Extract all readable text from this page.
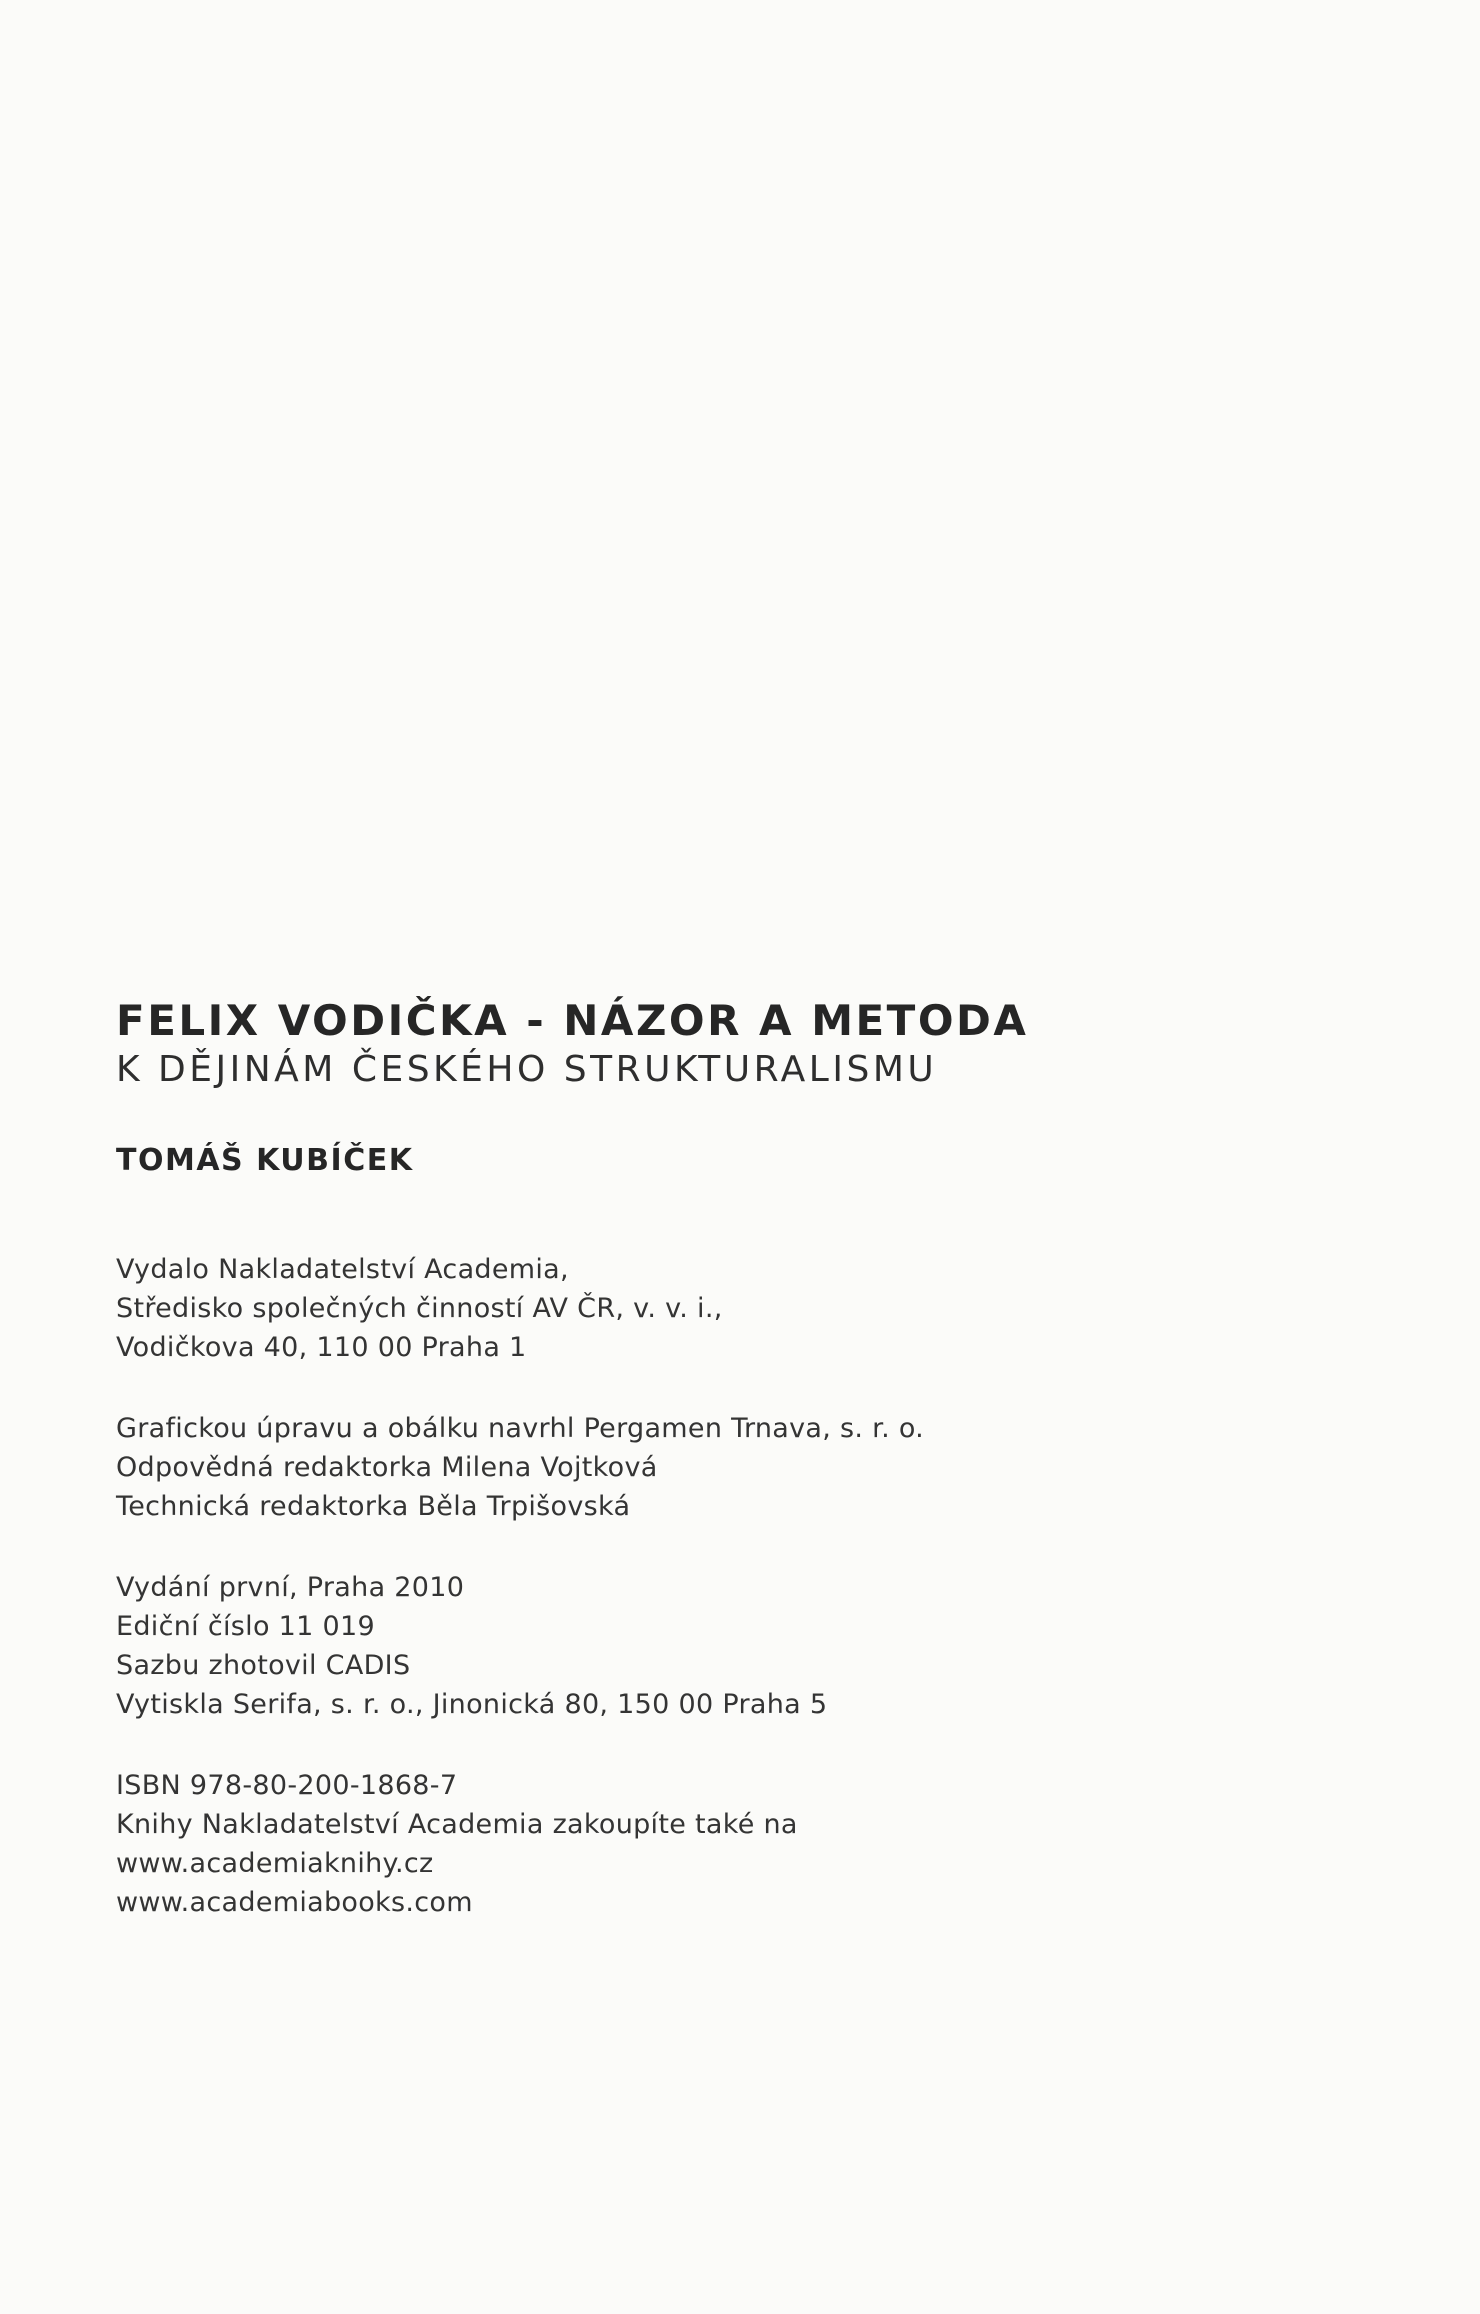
FELIX VODIČKA - NÁZOR A METODA
K DĚJINÁM ČESKÉHO STRUKTURALISMU
TOMÁŠ KUBÍČEK
Vydalo Nakladatelství Academia,
Středisko společných činností AV ČR, v. v. i.,
Vodičkova 40, 110 00 Praha 1
Grafickou úpravu a obálku navrhl Pergamen Trnava, s. r. o.
Odpovědná redaktorka Milena Vojtková
Technická redaktorka Běla Trpišovská
Vydání první, Praha 2010
Ediční číslo 11 019
Sazbu zhotovil CADIS
Vytiskla Serifa, s. r. o., Jinonická 80, 150 00 Praha 5
ISBN 978-80-200-1868-7
Knihy Nakladatelství Academia zakoupíte také na
www.academiaknihy.cz
www.academiabooks.com
